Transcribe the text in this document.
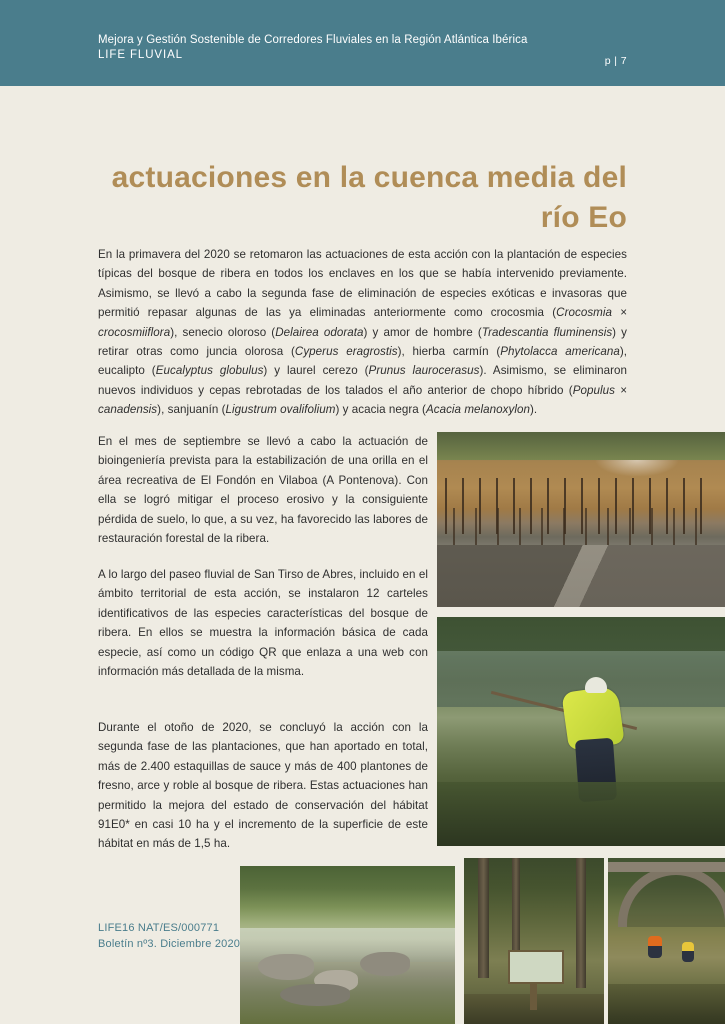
Mejora y Gestión Sostenible de Corredores Fluviales en la Región Atlántica Ibérica
LIFE FLUVIAL	p | 7
actuaciones en la cuenca media del río Eo
En la primavera del 2020 se retomaron las actuaciones de esta acción con la plantación de especies típicas del bosque de ribera en todos los enclaves en los que se había intervenido previamente. Asimismo, se llevó a cabo la segunda fase de eliminación de especies exóticas e invasoras que permitió repasar algunas de las ya eliminadas anteriormente como crocosmia (Crocosmia × crocosmiiflora), senecio oloroso (Delairea odorata) y amor de hombre (Tradescantia fluminensis) y retirar otras como juncia olorosa (Cyperus eragrostis), hierba carmín (Phytolacca americana), eucalipto (Eucalyptus globulus) y laurel cerezo (Prunus laurocerasus). Asimismo, se eliminaron nuevos individuos y cepas rebrotadas de los talados el año anterior de chopo híbrido (Populus × canadensis), sanjuanín (Ligustrum ovalifolium) y acacia negra (Acacia melanoxylon).
En el mes de septiembre se llevó a cabo la actuación de bioingeniería prevista para la estabilización de una orilla en el área recreativa de El Fondón en Vilaboa (A Pontenova). Con ella se logró mitigar el proceso erosivo y la consiguiente pérdida de suelo, lo que, a su vez, ha favorecido las labores de restauración forestal de la ribera.
A lo largo del paseo fluvial de San Tirso de Abres, incluido en el ámbito territorial de esta acción, se instalaron 12 carteles identificativos de las especies características del bosque de ribera. En ellos se muestra la información básica de cada especie, así como un código QR que enlaza a una web con información más detallada de la misma.
Durante el otoño de 2020, se concluyó la acción con la segunda fase de las plantaciones, que han aportado en total, más de 2.400 estaquillas de sauce y más de 400 plantones de fresno, arce y roble al bosque de ribera. Estas actuaciones han permitido la mejora del estado de conservación del hábitat 91E0* en casi 10 ha y el incremento de la superficie de este hábitat en más de 1,5 ha.
LIFE16 NAT/ES/000771
Boletín nº3. Diciembre 2020
